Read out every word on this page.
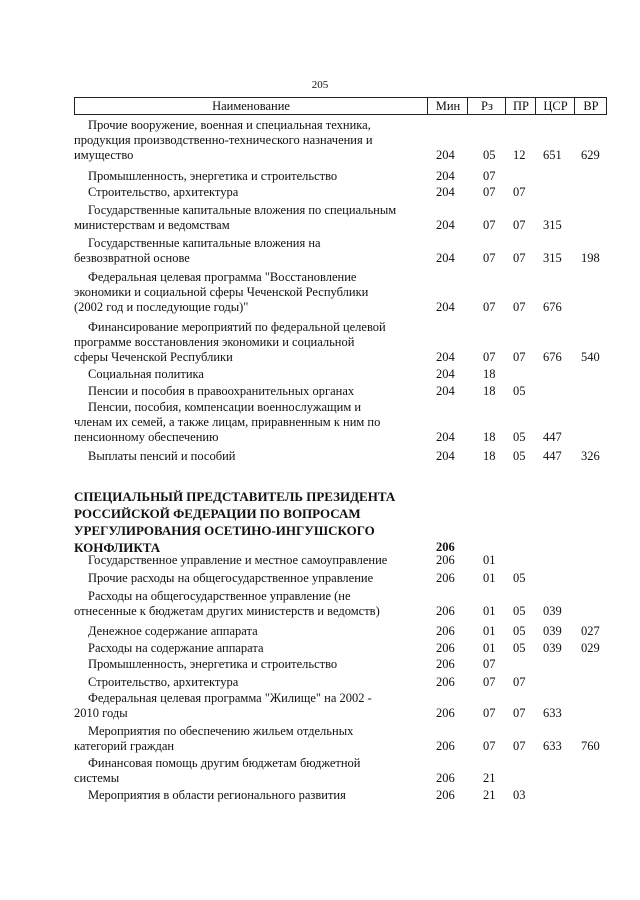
205
Наименование	Мин	Рз	ПР	ЦСР	ВР
Прочие вооружение, военная и специальная техника,
продукция производственно-технического назначения и
имущество	204 05 12 651 629
Промышленность, энергетика и строительство	204 07
Строительство, архитектура	204 07 07
Государственные капитальные вложения по специальным
министерствам и ведомствам	204 07 07 315
Государственные капитальные вложения на
безвозвратной основе	204 07 07 315 198
Федеральная целевая программа "Восстановление
экономики и социальной сферы Чеченской Республики
(2002 год и последующие годы)"	204 07 07 676
Финансирование мероприятий по федеральной целевой
программе восстановления экономики и социальной
сферы Чеченской Республики	204 07 07 676 540
Социальная политика	204 18
Пенсии и пособия в правоохранительных органах	204 18 05
Пенсии, пособия, компенсации военнослужащим и
членам их семей, а также лицам, приравненным к ним по
пенсионному обеспечению	204 18 05 447
Выплаты пенсий и пособий	204 18 05 447 326
СПЕЦИАЛЬНЫЙ ПРЕДСТАВИТЕЛЬ ПРЕЗИДЕНТА
РОССИЙСКОЙ ФЕДЕРАЦИИ ПО ВОПРОСАМ
УРЕГУЛИРОВАНИЯ ОСЕТИНО-ИНГУШСКОГО
КОНФЛИКТА	206
Государственное управление и местное самоуправление	206 01
Прочие расходы на общегосударственное управление	206 01 05
Расходы на общегосударственное управление (не
отнесенные к бюджетам других министерств и ведомств)	206 01 05 039
Денежное содержание аппарата	206 01 05 039 027
Расходы на содержание аппарата	206 01 05 039 029
Промышленность, энергетика и строительство	206 07
Строительство, архитектура	206 07 07
Федеральная целевая программа "Жилище" на 2002 -
2010 годы	206 07 07 633
Мероприятия по обеспечению жильем отдельных
категорий граждан	206 07 07 633 760
Финансовая помощь другим бюджетам бюджетной
системы	206 21
Мероприятия в области регионального развития	206 21 03
